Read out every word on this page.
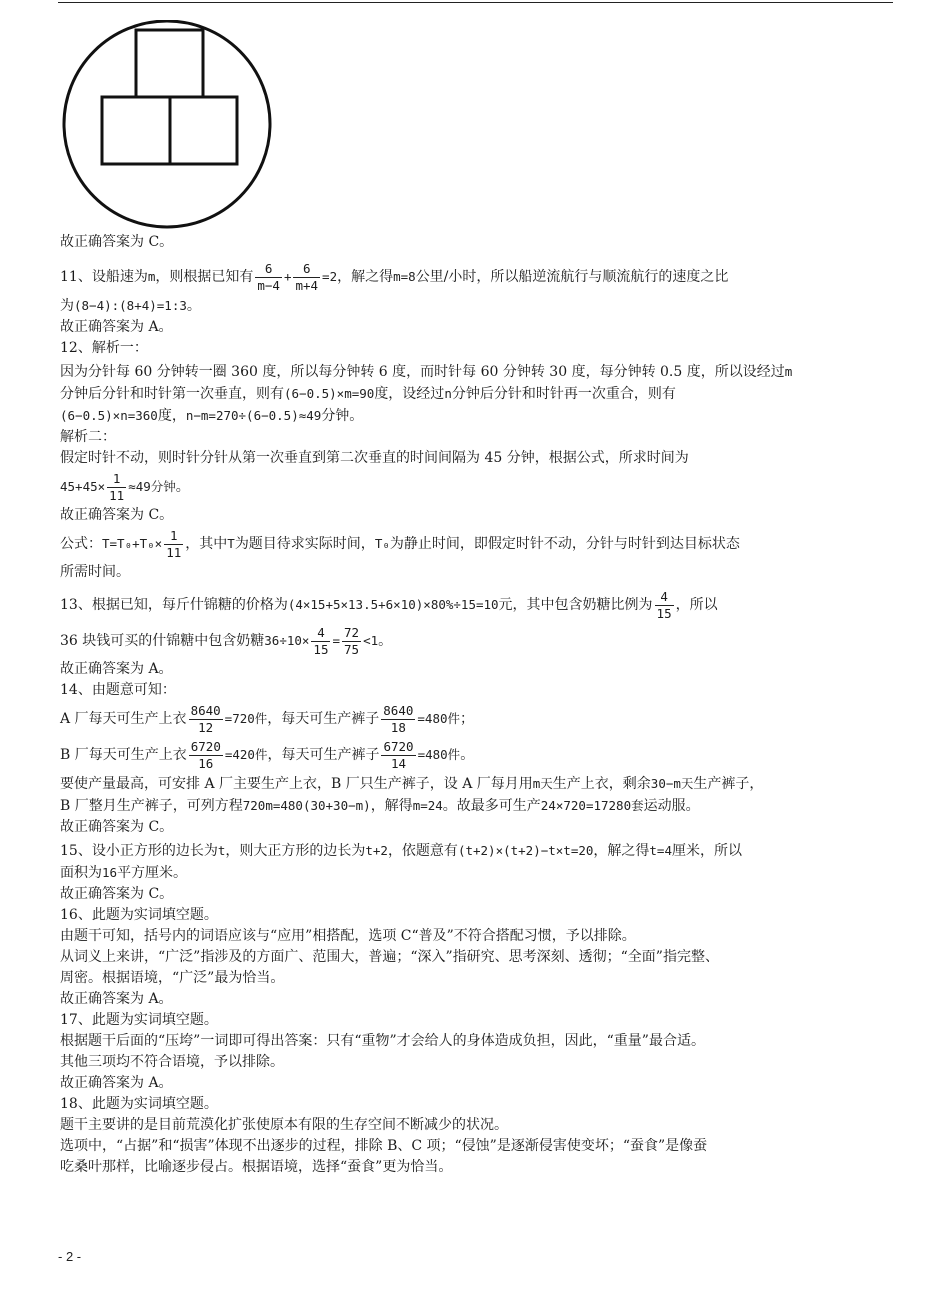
故正确答案为 C。

11、设船速为m，则根据已知有 $\frac{6}{m-4} + \frac{6}{m+4} =2$，解之得m=8公里/小时，所以船逆流航行与顺流航行的速度之比

为(8−4):(8+4)=1:3。

故正确答案为 A。

12、解析一：

因为分针每 60 分钟转一圈 360 度，所以每分钟转 6 度，而时针每 60 分钟转 30 度，每分钟转 0.5 度，所以设经过m
分钟后分针和时针第一次垂直，则有(6−0.5)×m=90度，设经过n分钟后分针和时针再一次重合，则有
(6−0.5)×n=360度，n−m=270÷(6−0.5)≈49分钟。

解析二：

假定时针不动，则时针分针从第一次垂直到第二次垂直的时间间隔为 45 分钟，根据公式，所求时间为

$45+45\times \frac{1}{11} \approx 49$分钟。

故正确答案为 C。

公式：$T=T_0+T_0\times \frac{1}{11}$ ，其中T为题目待求实际时间，T₀为静止时间，即假定时针不动，分针与时针到达目标状态

所需时间。

13、根据已知，每斤什锦糖的价格为(4×15+5×13.5+6×10)×80%÷15=10元，其中包含奶糖比例为 $\frac{4}{15}$ ，所以

36 块钱可买的什锦糖中包含奶糖$36\div 10\times \frac{4}{15} = \frac{72}{75} <1$。

故正确答案为 A。

14、由题意可知：

A 厂每天可生产上衣 $\frac{8640}{12} =720$件，每天可生产裤子 $\frac{8640}{18} =480$件；

B 厂每天可生产上衣 $\frac{6720}{16} =420$件，每天可生产裤子 $\frac{6720}{14} =480$件。

要使产量最高，可安排 A 厂主要生产上衣，B 厂只生产裤子，设 A 厂每月用m天生产上衣，剩余30−m天生产裤子，
B 厂整月生产裤子，可列方程720m=480(30+30−m)，解得m=24。故最多可生产24×720=17280套运动服。

故正确答案为 C。

15、设小正方形的边长为t，则大正方形的边长为t+2，依题意有(t+2)×(t+2)−t×t=20，解之得t=4厘米，所以
面积为16平方厘米。

故正确答案为 C。

16、此题为实词填空题。

由题干可知，括号内的词语应该与“应用”相搭配，选项 C“普及”不符合搭配习惯，予以排除。

从词义上来讲，“广泛”指涉及的方面广、范围大，普遍；“深入”指研究、思考深刻、透彻；“全面”指完整、

周密。根据语境，“广泛”最为恰当。

故正确答案为 A。

17、此题为实词填空题。

根据题干后面的“压垮”一词即可得出答案：只有“重物”才会给人的身体造成负担，因此，“重量”最合适。

其他三项均不符合语境，予以排除。

故正确答案为 A。

18、此题为实词填空题。

题干主要讲的是目前荒漠化扩张使原本有限的生存空间不断减少的状况。

选项中，“占据”和“损害”体现不出逐步的过程，排除 B、C 项；“侵蚀”是逐渐侵害使变坏；“蚕食”是像蚕

吃桑叶那样，比喻逐步侵占。根据语境，选择“蚕食”更为恰当。

- 2 -
